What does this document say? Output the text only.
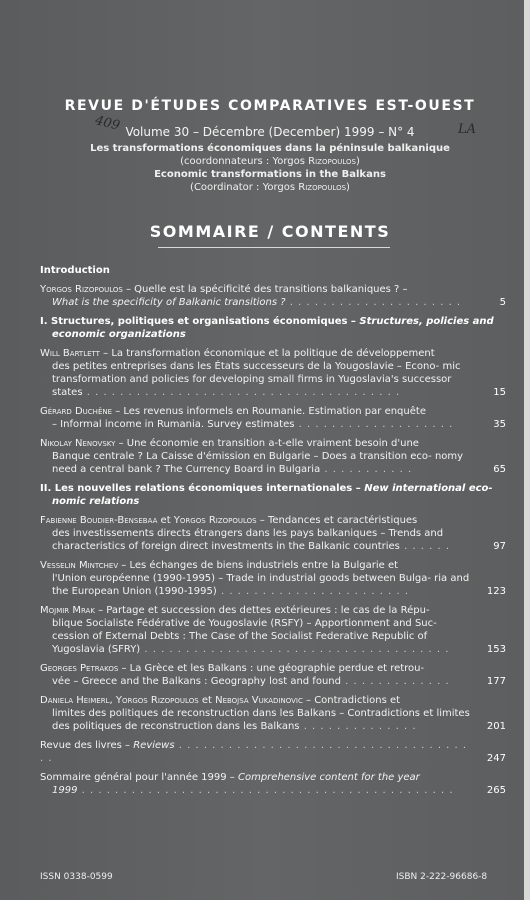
REVUE D'ÉTUDES COMPARATIVES EST-OUEST
Volume 30 – Décembre (December) 1999 – N° 4
Les transformations économiques dans la péninsule balkanique
(coordonnateurs : Yorgos Rizopoulos)
Economic transformations in the Balkans
(Coordinator : Yorgos Rizopoulos)
409	LA
SOMMAIRE / CONTENTS
Introduction
Yorgos Rizopoulos – Quelle est la spécificité des transitions balkaniques ? –
What is the specificity of Balkanic transitions ? . . . . . . . . . . . . . . . . . . . . .	5
I. Structures, politiques et organisations économiques – Structures, policies and
economic organizations
Will Bartlett – La transformation économique et la politique de développement
des petites entreprises dans les États successeurs de la Yougoslavie – Econo- mic transformation and policies for developing small firms in Yugoslavia's successor states . . . . . . . . . . . . . . . . . . . . . . . . . . . . . . . . . . . . . .	15
Gérard Duchêne – Les revenus informels en Roumanie. Estimation par enquête
– Informal income in Rumania. Survey estimates . . . . . . . . . . . . . . . . . . .	35
Nikolay Nenovsky – Une économie en transition a-t-elle vraiment besoin d'une
Banque centrale ? La Caisse d'émission en Bulgarie – Does a transition eco- nomy need a central bank ? The Currency Board in Bulgaria . . . . . . . . . . .	65
II. Les nouvelles relations économiques internationales – New international eco-
nomic relations
Fabienne Boudier-Bensebaa et Yorgos Rizopoulos – Tendances et caractéristiques
des investissements directs étrangers dans les pays balkaniques – Trends and characteristics of foreign direct investments in the Balkanic countries . . . . . .	97
Vesselin Mintchev – Les échanges de biens industriels entre la Bulgarie et
l'Union européenne (1990-1995) – Trade in industrial goods between Bulga- ria and the European Union (1990-1995) . . . . . . . . . . . . . . . . . . . . . . .	123
Mojmir Mrak – Partage et succession des dettes extérieures : le cas de la Répu-
blique Socialiste Fédérative de Yougoslavie (RSFY) – Apportionment and Suc- cession of External Debts : The Case of the Socialist Federative Republic of Yugoslavia (SFRY) . . . . . . . . . . . . . . . . . . . . . . . . . . . . . . . . . . . . .	153
Georges Petrakos – La Grèce et les Balkans : une géographie perdue et retrou-
vée – Greece and the Balkans : Geography lost and found . . . . . . . . . . . . .	177
Daniela Heimerl, Yorgos Rizopoulos et Nebojsa Vukadinovic – Contradictions et
limites des politiques de reconstruction dans les Balkans – Contradictions et limites des politiques de reconstruction dans les Balkans . . . . . . . . . . . . . .	201
Revue des livres – Reviews . . . . . . . . . . . . . . . . . . . . . . . . . . . . . . . . . . . . .	247
Sommaire général pour l'année 1999 – Comprehensive content for the year
1999 . . . . . . . . . . . . . . . . . . . . . . . . . . . . . . . . . . . . . . . . . . . . .	265
ISSN 0338-0599	ISBN 2-222-96686-8
